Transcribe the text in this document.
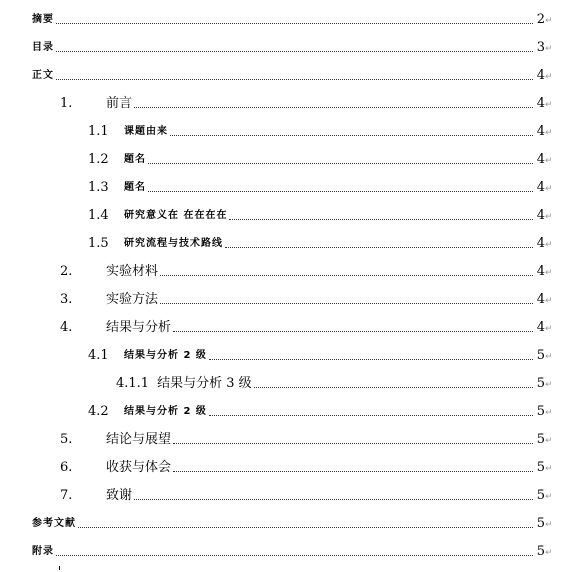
摘要	2 ↵
目录	3 ↵
正文	4 ↵
1.	前言	4 ↵
1.1	课题由来	4 ↵
1.2	题名	4 ↵
1.3	题名	4 ↵
1.4	研究意义在 在在在在	4 ↵
1.5	研究流程与技术路线	4 ↵
2.	实验材料	4 ↵
3.	实验方法	4 ↵
4.	结果与分析	4 ↵
4.1	结果与分析 2 级	5 ↵
4.1.1 结果与分析 3 级	5 ↵
4.2	结果与分析 2 级	5 ↵
5.	结论与展望	5 ↵
6.	收获与体会	5 ↵
7.	致谢	5 ↵
参考文献	5 ↵
附录	5 ↵
